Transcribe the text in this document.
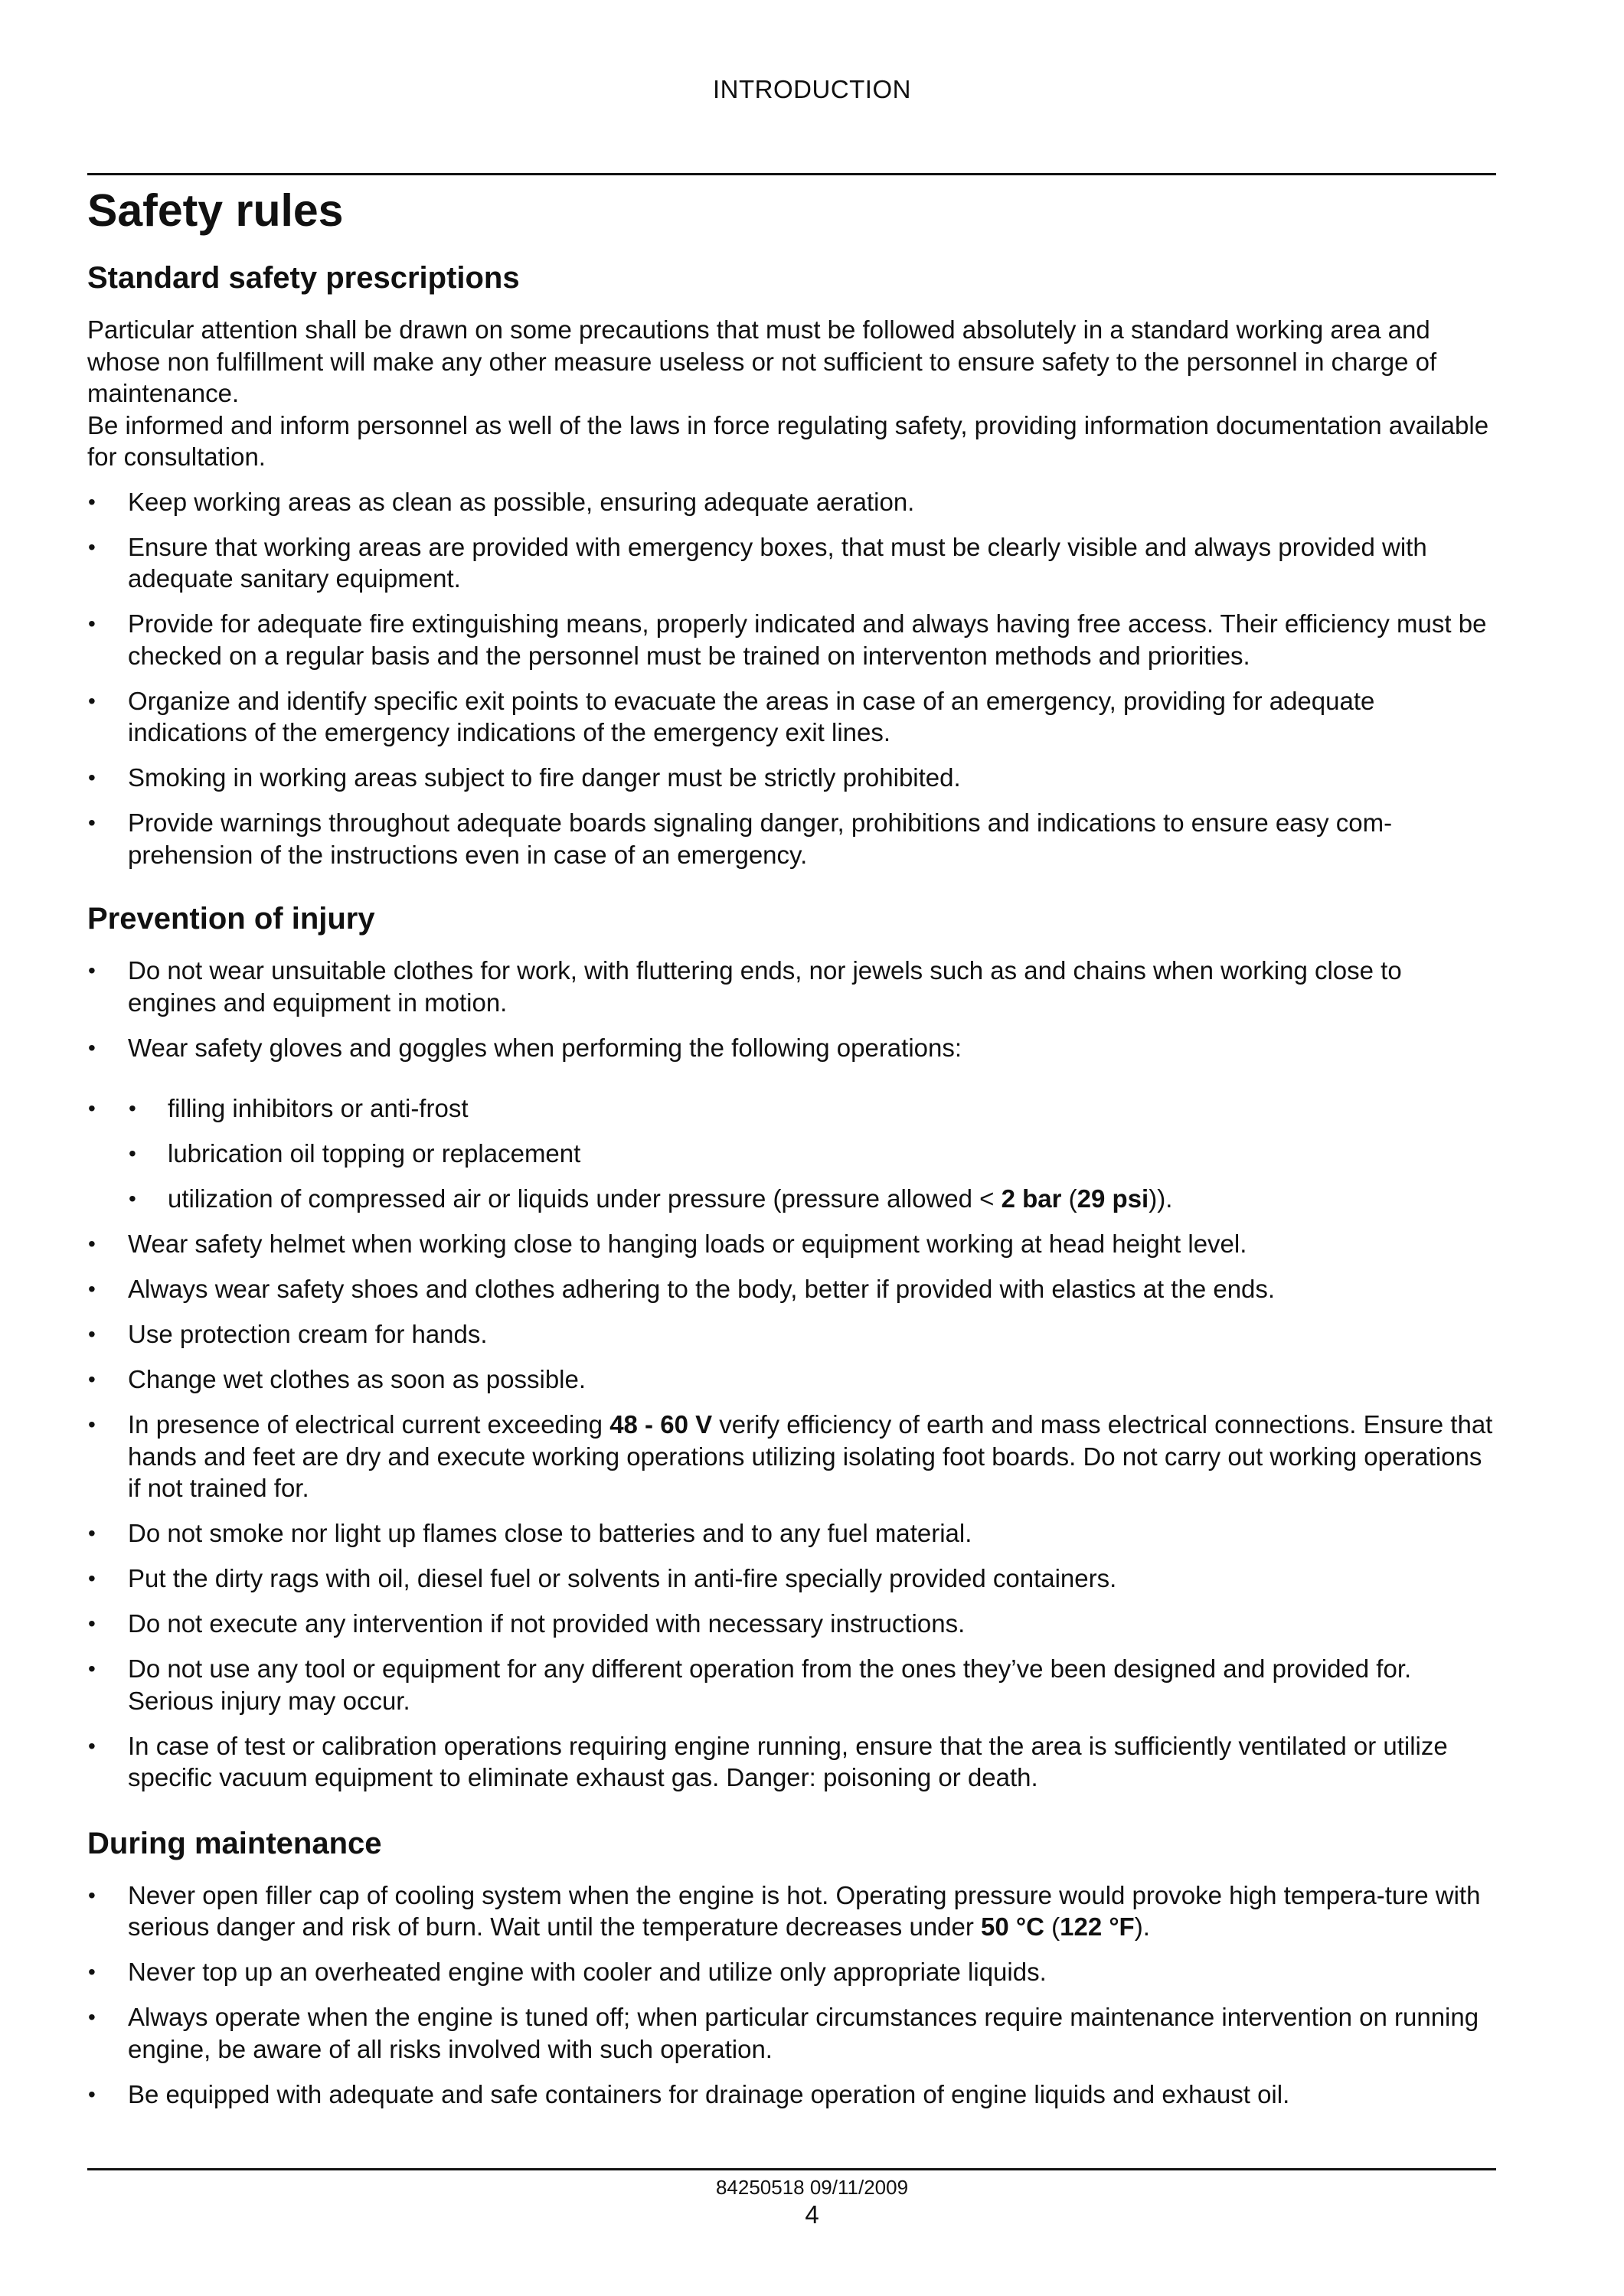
INTRODUCTION
Safety rules
Standard safety prescriptions

Particular attention shall be drawn on some precautions that must be followed absolutely in a standard working area and whose non fulfillment will make any other measure useless or not sufficient to ensure safety to the personnel in charge of maintenance.

Be informed and inform personnel as well of the laws in force regulating safety, providing information documentation available for consultation.

• Keep working areas as clean as possible, ensuring adequate aeration.
• Ensure that working areas are provided with emergency boxes, that must be clearly visible and always provided with adequate sanitary equipment.
• Provide for adequate fire extinguishing means, properly indicated and always having free access. Their efficiency must be checked on a regular basis and the personnel must be trained on interventon methods and priorities.
• Organize and identify specific exit points to evacuate the areas in case of an emergency, providing for adequate indications of the emergency indications of the emergency exit lines.
• Smoking in working areas subject to fire danger must be strictly prohibited.
• Provide warnings throughout adequate boards signaling danger, prohibitions and indications to ensure easy com-prehension of the instructions even in case of an emergency.
Prevention of injury
• Do not wear unsuitable clothes for work, with fluttering ends, nor jewels such as and chains when working close to engines and equipment in motion.
• Wear safety gloves and goggles when performing the following operations:
• • filling inhibitors or anti-frost
• lubrication oil topping or replacement
• utilization of compressed air or liquids under pressure (pressure allowed < 2 bar (29 psi)).
• Wear safety helmet when working close to hanging loads or equipment working at head height level.
• Always wear safety shoes and clothes adhering to the body, better if provided with elastics at the ends.
• Use protection cream for hands.
• Change wet clothes as soon as possible.
• In presence of electrical current exceeding 48 - 60 V verify efficiency of earth and mass electrical connections. Ensure that hands and feet are dry and execute working operations utilizing isolating foot boards. Do not carry out working operations if not trained for.
• Do not smoke nor light up flames close to batteries and to any fuel material.
• Put the dirty rags with oil, diesel fuel or solvents in anti-fire specially provided containers.
• Do not execute any intervention if not provided with necessary instructions.
• Do not use any tool or equipment for any different operation from the ones they’ve been designed and provided for. Serious injury may occur.
• In case of test or calibration operations requiring engine running, ensure that the area is sufficiently ventilated or utilize specific vacuum equipment to eliminate exhaust gas. Danger: poisoning or death.
During maintenance
• Never open filler cap of cooling system when the engine is hot. Operating pressure would provoke high tempera-ture with serious danger and risk of burn. Wait until the temperature decreases under 50 °C (122 °F).
• Never top up an overheated engine with cooler and utilize only appropriate liquids.
• Always operate when the engine is tuned off; when particular circumstances require maintenance intervention on running engine, be aware of all risks involved with such operation.
• Be equipped with adequate and safe containers for drainage operation of engine liquids and exhaust oil.
84250518 09/11/2009
4
